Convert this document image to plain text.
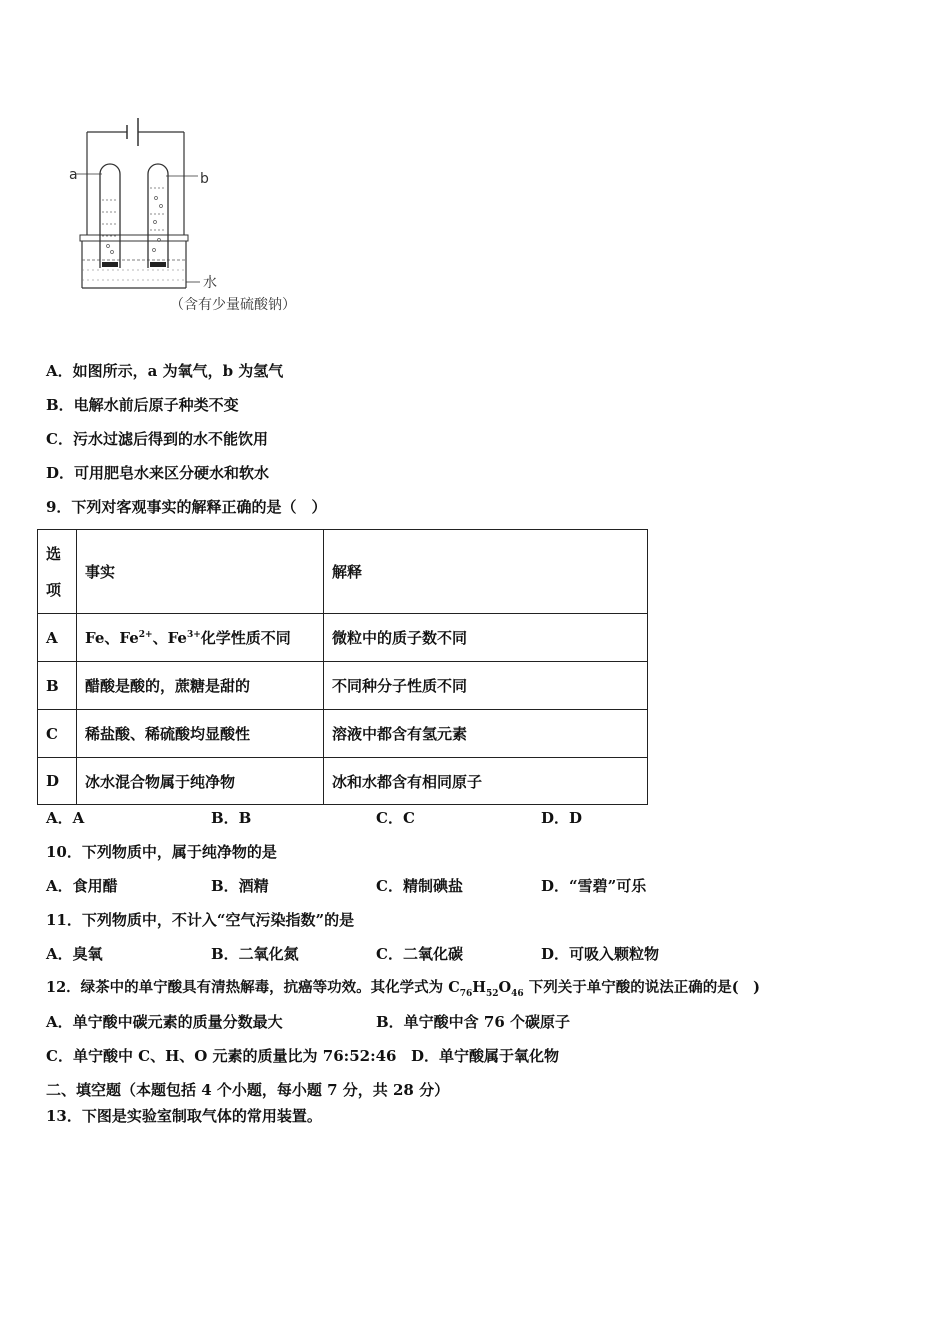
a	b
水
（含有少量硫酸钠）
A．如图所示，a 为氧气，b 为氢气
B．电解水前后原子种类不变
C．污水过滤后得到的水不能饮用
D．可用肥皂水来区分硬水和软水
9．下列对客观事实的解释正确的是（　）
选项	事实	解释
A	Fe、$Fe^{2+}$、$Fe^{3+}$化学性质不同	微粒中的质子数不同
B	醋酸是酸的，蔗糖是甜的	不同种分子性质不同
C	稀盐酸、稀硫酸均显酸性	溶液中都含有氢元素
D	冰水混合物属于纯净物	冰和水都含有相同原子
A．A	B．B	C．C	D．D
10．下列物质中，属于纯净物的是
A．食用醋	B．酒精	C．精制碘盐	D．“雪碧”可乐
11．下列物质中，不计入“空气污染指数”的是
A．臭氧	B．二氧化氮	C．二氧化碳	D．可吸入颗粒物
12．绿茶中的单宁酸具有清热解毒，抗癌等功效。其化学式为 $C_{76}H_{52}O_{46}$ 下列关于单宁酸的说法正确的是(　)
A．单宁酸中碳元素的质量分数最大	B．单宁酸中含 76 个碳原子
C．单宁酸中 C、H、O 元素的质量比为 76:52:46 D．单宁酸属于氧化物
二、填空题（本题包括 4 个小题，每小题 7 分，共 28 分）
13．下图是实验室制取气体的常用装置。
